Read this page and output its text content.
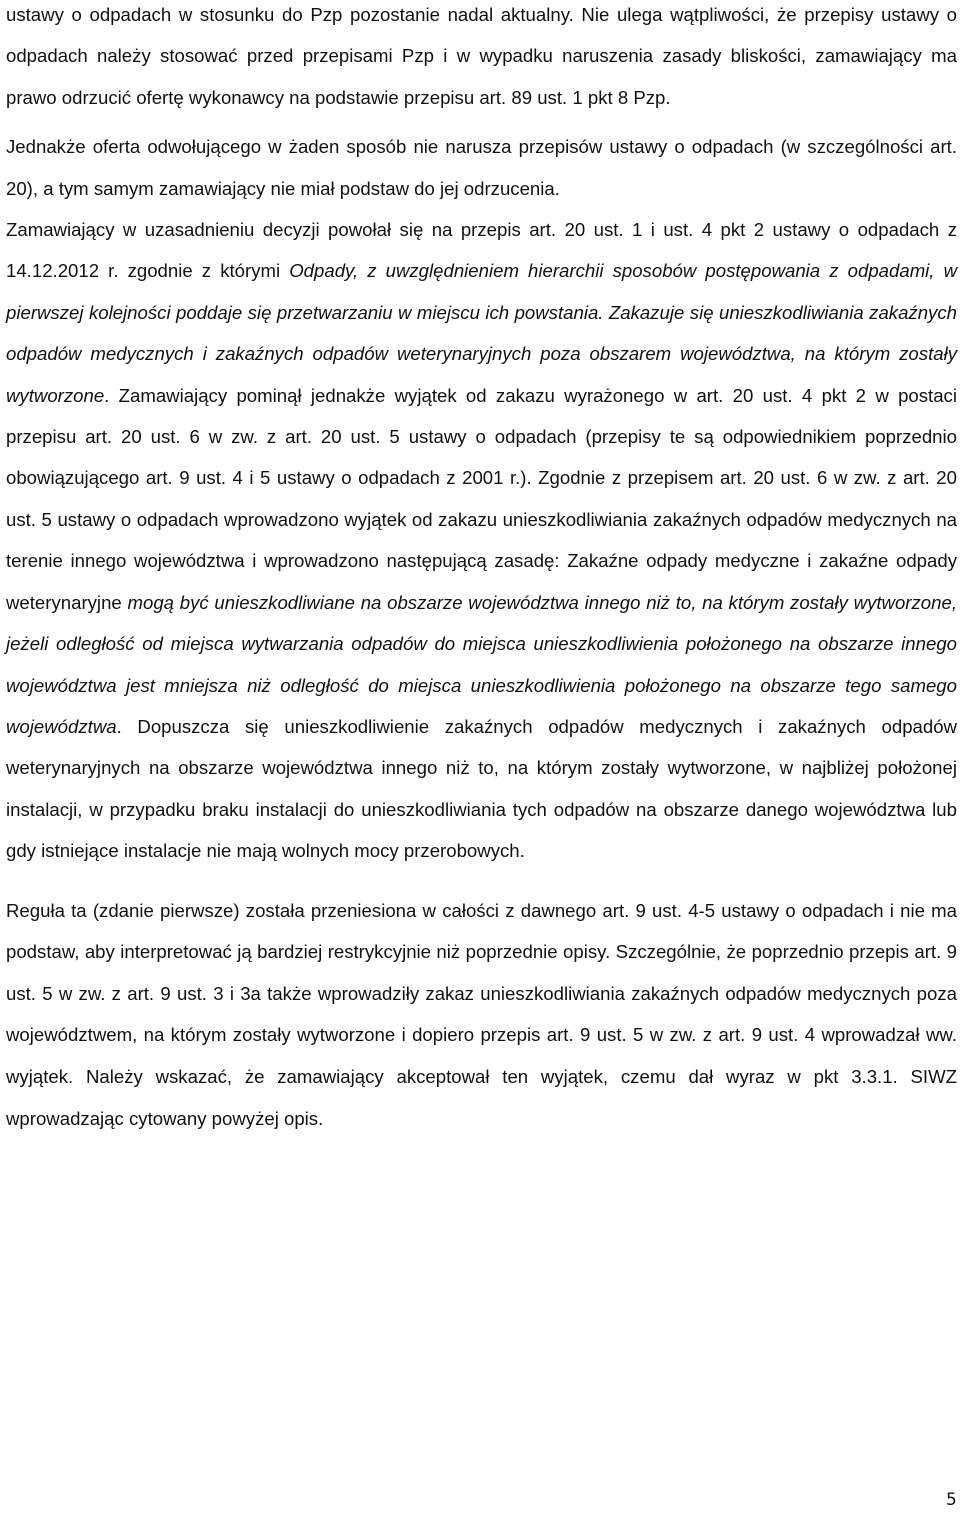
ustawy o odpadach w stosunku do Pzp pozostanie nadal aktualny. Nie ulega wątpliwości, że przepisy ustawy o odpadach należy stosować przed przepisami Pzp i w wypadku naruszenia zasady bliskości, zamawiający ma prawo odrzucić ofertę wykonawcy na podstawie przepisu art. 89 ust. 1 pkt 8 Pzp.

Jednakże oferta odwołującego w żaden sposób nie narusza przepisów ustawy o odpadach (w szczególności art. 20), a tym samym zamawiający nie miał podstaw do jej odrzucenia.

Zamawiający w uzasadnieniu decyzji powołał się na przepis art. 20 ust. 1 i ust. 4 pkt 2 ustawy o odpadach z 14.12.2012 r. zgodnie z którymi Odpady, z uwzględnieniem hierarchii sposobów postępowania z odpadami, w pierwszej kolejności poddaje się przetwarzaniu w miejscu ich powstania. Zakazuje się unieszkodliwiania zakaźnych odpadów medycznych i zakaźnych odpadów weterynaryjnych poza obszarem województwa, na którym zostały wytworzone. Zamawiający pominął jednakże wyjątek od zakazu wyrażonego w art. 20 ust. 4 pkt 2 w postaci przepisu art. 20 ust. 6 w zw. z art. 20 ust. 5 ustawy o odpadach (przepisy te są odpowiednikiem poprzednio obowiązującego art. 9 ust. 4 i 5 ustawy o odpadach z 2001 r.). Zgodnie z przepisem art. 20 ust. 6 w zw. z art. 20 ust. 5 ustawy o odpadach wprowadzono wyjątek od zakazu unieszkodliwiania zakaźnych odpadów medycznych na terenie innego województwa i wprowadzono następującą zasadę: Zakaźne odpady medyczne i zakaźne odpady weterynaryjne mogą być unieszkodliwiane na obszarze województwa innego niż to, na którym zostały wytworzone, jeżeli odległość od miejsca wytwarzania odpadów do miejsca unieszkodliwienia położonego na obszarze innego województwa jest mniejsza niż odległość do miejsca unieszkodliwienia położonego na obszarze tego samego województwa. Dopuszcza się unieszkodliwienie zakaźnych odpadów medycznych i zakaźnych odpadów weterynaryjnych na obszarze województwa innego niż to, na którym zostały wytworzone, w najbliżej położonej instalacji, w przypadku braku instalacji do unieszkodliwiania tych odpadów na obszarze danego województwa lub gdy istniejące instalacje nie mają wolnych mocy przerobowych.

Reguła ta (zdanie pierwsze) została przeniesiona w całości z dawnego art. 9 ust. 4-5 ustawy o odpadach i nie ma podstaw, aby interpretować ją bardziej restrykcyjnie niż poprzednie opisy. Szczególnie, że poprzednio przepis art. 9 ust. 5 w zw. z art. 9 ust. 3 i 3a także wprowadziły zakaz unieszkodliwiania zakaźnych odpadów medycznych poza województwem, na którym zostały wytworzone i dopiero przepis art. 9 ust. 5 w zw. z art. 9 ust. 4 wprowadzał ww. wyjątek. Należy wskazać, że zamawiający akceptował ten wyjątek, czemu dał wyraz w pkt 3.3.1. SIWZ wprowadzając cytowany powyżej opis.

5
